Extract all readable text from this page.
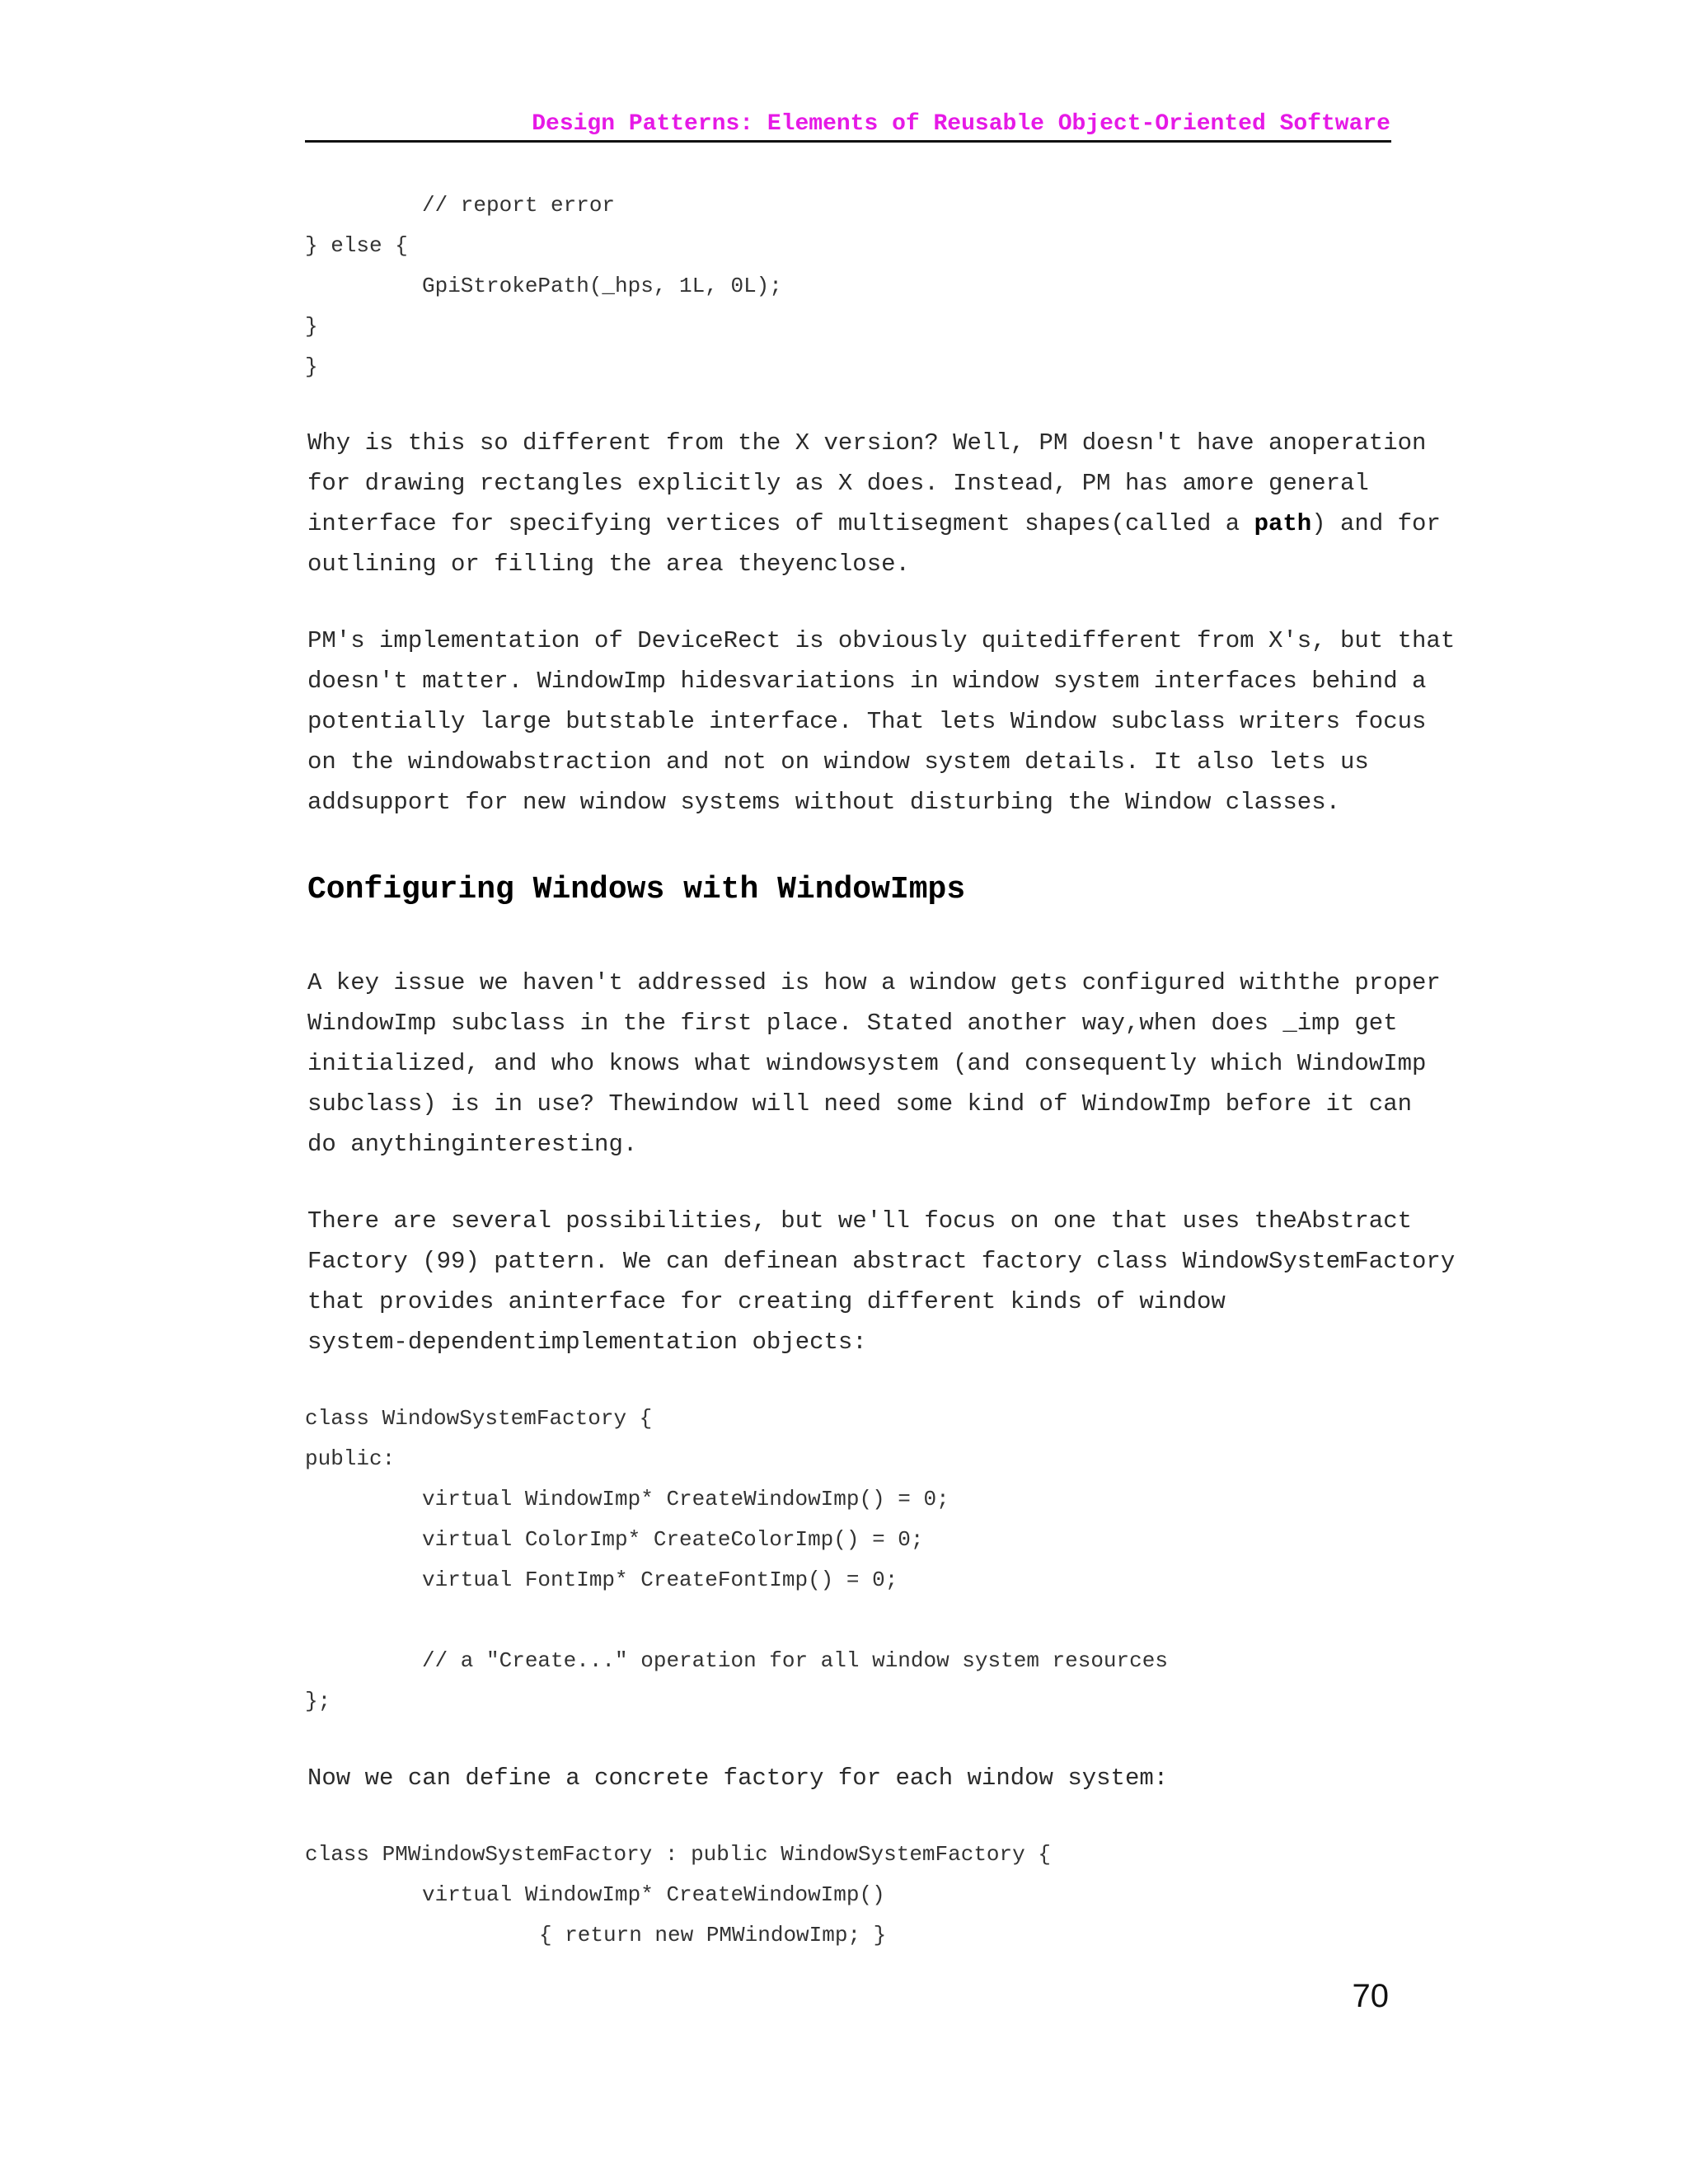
Design Patterns: Elements of Reusable Object-Oriented Software
// report error
} else {
GpiStrokePath(_hps, 1L, 0L);
}
}
Why is this so different from the X version? Well, PM doesn't have anoperation
for drawing rectangles explicitly as X does. Instead, PM has amore general
interface for specifying vertices of multisegment shapes(called a path) and for
outlining or filling the area theyenclose.
PM's implementation of DeviceRect is obviously quitedifferent from X's, but that
doesn't matter. WindowImp hidesvariations in window system interfaces behind a
potentially large butstable interface. That lets Window subclass writers focus
on the windowabstraction and not on window system details. It also lets us
addsupport for new window systems without disturbing the Window classes.
Configuring Windows with WindowImps
A key issue we haven't addressed is how a window gets configured withthe proper
WindowImp subclass in the first place. Stated another way,when does _imp get
initialized, and who knows what windowsystem (and consequently which WindowImp
subclass) is in use? Thewindow will need some kind of WindowImp before it can
do anythinginteresting.
There are several possibilities, but we'll focus on one that uses theAbstract
Factory (99) pattern. We can definean abstract factory class WindowSystemFactory
that provides aninterface for creating different kinds of window
system-dependentimplementation objects:
class WindowSystemFactory {
public:
virtual WindowImp* CreateWindowImp() = 0;
virtual ColorImp* CreateColorImp() = 0;
virtual FontImp* CreateFontImp() = 0;
// a "Create..." operation for all window system resources
};
Now we can define a concrete factory for each window system:
class PMWindowSystemFactory : public WindowSystemFactory {
virtual WindowImp* CreateWindowImp()
{ return new PMWindowImp; }
70
